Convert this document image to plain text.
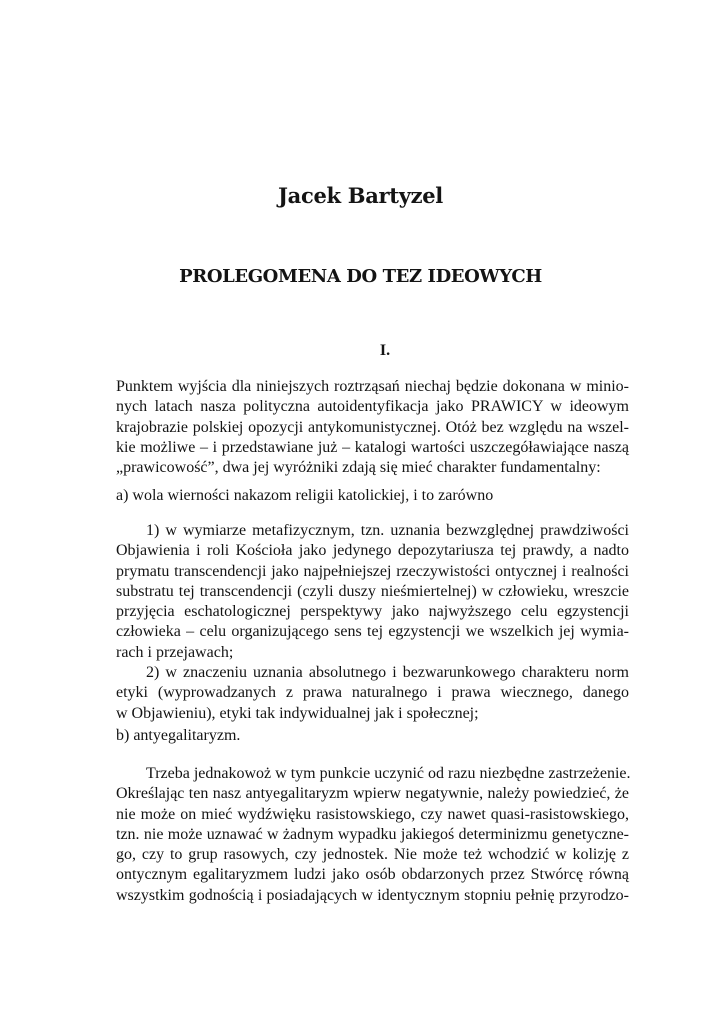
Jacek Bartyzel
PROLEGOMENA DO TEZ IDEOWYCH
I.
Punktem wyjścia dla niniejszych roztrząsań niechaj będzie dokonana w minio-
nych latach nasza polityczna autoidentyfikacja jako PRAWICY w ideowym
krajobrazie polskiej opozycji antykomunistycznej. Otóż bez względu na wszel-
kie możliwe – i przedstawiane już – katalogi wartości uszczegóławiające naszą
„prawicowość”, dwa jej wyróżniki zdają się mieć charakter fundamentalny:
a) wola wierności nakazom religii katolickiej, i to zarówno
1) w wymiarze metafizycznym, tzn. uznania bezwzględnej prawdziwości
Objawienia i roli Kościoła jako jedynego depozytariusza tej prawdy, a nadto
prymatu transcendencji jako najpełniejszej rzeczywistości ontycznej i realności
substratu tej transcendencji (czyli duszy nieśmiertelnej) w człowieku, wreszcie
przyjęcia eschatologicznej perspektywy jako najwyższego celu egzystencji
człowieka – celu organizującego sens tej egzystencji we wszelkich jej wymia-
rach i przejawach;
2) w znaczeniu uznania absolutnego i bezwarunkowego charakteru norm
etyki (wyprowadzanych z prawa naturalnego i prawa wiecznego, danego
w Objawieniu), etyki tak indywidualnej jak i społecznej;
b) antyegalitaryzm.
Trzeba jednakowoż w tym punkcie uczynić od razu niezbędne zastrzeżenie.
Określając ten nasz antyegalitaryzm wpierw negatywnie, należy powiedzieć, że
nie może on mieć wydźwięku rasistowskiego, czy nawet quasi-rasistowskiego,
tzn. nie może uznawać w żadnym wypadku jakiegoś determinizmu genetyczne-
go, czy to grup rasowych, czy jednostek. Nie może też wchodzić w kolizję z
ontycznym egalitaryzmem ludzi jako osób obdarzonych przez Stwórcę równą
wszystkim godnością i posiadających w identycznym stopniu pełnię przyrodzo-
